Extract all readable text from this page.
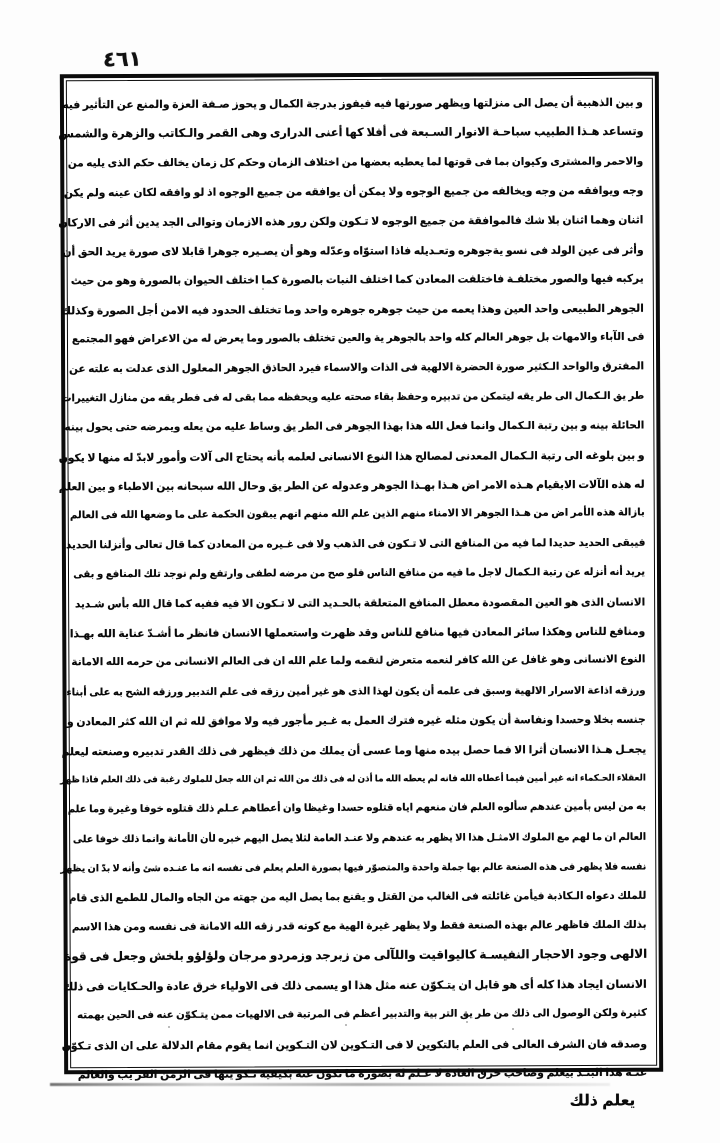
٤٦١
و بين الذهبية أن يصل الى منزلتها ويظهر صورتها فيه فيفوز بدرجة الكمال و يحوز صـفة العزة والمنع عن التأثير فيه
وتساعد هـذا الطبيب سباحـة الانوار السـبعة فى أفلا كها أعنى الدرارى وهى القمر والـكاتب والزهرة والشمس
والاحمر والمشترى وكيوان بما فى قوتها لما يعطيه بعضها من اختلاف الزمان وحكم كل زمان يخالف حكم الذى يليه من
وجه ويوافقه من وجه ويخالفه من جميع الوجوه ولا يمكن أن يوافقه من جميع الوجوه اذ لو وافقه لكان عينه ولم يكن
اثنان وهما اثنان بلا شك فالموافقة من جميع الوجوه لا تـكون ولكن رور هذه الازمان وتوالى الجد يدين أثر فى الاركان
وأثر فى عين الولد فى نسو يةجوهره وتعـديله فاذا استوّاه وعدّله وهو أن يصـيره جوهرا قابلا لاى صورة يريد الحق أن
يركبه فيها والصور مختلفـة فاختلفت المعادن كما اختلف النبات بالصورة كما اختلف الحيوان بالصورة وهو من حيث
الجوهر الطبيعى واحد العين وهذا يعمه من حيث جوهره جوهره واحد وما تختلف الحدود فيه الامن أجل الصورة وكذلك
فى الآباء والامهات بل جوهر العالم كله واحد بالجوهر ية والعين تختلف بالصور وما يعرض له من الاعراض فهو المجتمع
المفترق والواحد الـكثير صورة الحضرة الالهية فى الذات والاسماء فيرد الحاذق الجوهر المعلول الذى عدلت به علته عن
طر يق الـكمال الى طر يقه ليتمكن من تدبيره وحفظ بقاء صحته عليه ويحفظه مما بقى له فى فطر يقه من منازل التغييرات
الحائلة بينه و بين رتبة الـكمال وانما فعل الله هذا بهذا الجوهر فى الطر يق وساط عليه من يعله ويمرضه حتى يحول بينه
و بين بلوغه الى رتبة الـكمال المعدنى لمصالح هذا النوع الانسانى لعلمه بأنه يحتاج الى آلات وأمور لابدّ له منها لا يكون
له هذه الآلات الابقيام هـذه الامر اض هـذا بهـذا الجوهر وعدوله عن الطر يق وحال الله سبحانه بين الاطباء و بين العلم
بازالة هذه الأمر اض من هـذا الجوهر الا الامناء منهم الذين علم الله منهم انهم يبقون الحكمة على ما وضعها الله فى العالم
فيبقى الحديد حديدا لما فيه من المنافع التى لا تـكون فى الذهب ولا فى غـيره من المعادن كما قال تعالى وأنزلنا الحديد
يريد أنه أنزله عن رتبة الـكمال لاجل ما فيه من منافع الناس فلو صح من مرضه لطفى وارتفع ولم نوجد تلك المنافع و بقى
الانسان الذى هو العين المقصودة معطل المنافع المتعلقة بالحـديد التى لا تـكون الا فيه ففيه كما قال الله بأس شـديد
ومنافع للناس وهكذا سائر المعادن فيها منافع للناس وقد ظهرت واستعملها الانسان فانظر ما أشـدّ عناية الله بهـذا
النوع الانسانى وهو غافل عن الله كافر لنعمه متعرض لنقمه ولما علم الله ان فى العالم الانسانى من حرمه الله الامانة
ورزقه اذاعة الاسرار الالهية وسبق فى علمه أن يكون لهذا الذى هو غير أمين رزقه فى علم التدبير ورزقه الشح به على أبناء
جنسه بخلا وحسدا ونفاسة أن يكون مثله غيره فترك العمل به غـير مأجور فيه ولا موافق لله ثم ان الله كثر المعادن و
يجعـل هـذا الانسان أثرا الا فما حصل بيده منها وما عسى أن يملك من ذلك فيظهر فى ذلك القدر تدبيره وصنعته ليعلم
العقلاء الحـكماء انه غير أمين فيما أعطاه الله فانه لم يعطه الله ما أذن له فى ذلك من الله ثم ان الله جعل للملوك رغبة فى ذلك العلم فاذا ظهر
به من ليس بأمين عندهم سألوه العلم فان منعهم اياه قتلوه حسدا وغيظا وان أعطاهم عـلم ذلك قتلوه خوفا وغيرة وما علم
العالم ان ما لهم مع الملوك الامثـل هذا الا يظهر به عندهم ولا عنـد العامة لثلا يصل اليهم خبره لأن الأمانة وانما ذلك خوفا على
نفسه فلا يظهر فى هذه الصنعة عالم بها جملة واحدة والمتصوّر فيها بصورة العلم يعلم فى نفسه انه ما عنـده شئ وأنه لا بدّ ان يظهر
للملك دعواه الـكاذبة فيأمن غائلته فى الغالب من القتل و يقنع بما يصل اليه من جهته من الجاه والمال للطمع الذى قام
بذلك الملك فاظهر عالم بهذه الصنعة فقط ولا يظهر غيرة الهية مع كونه قدر زقه الله الامانة فى نفسه ومن هذا الاسم
الالهى وجود الاحجار النفيسـة كاليواقيت واللآلى من زبرجد وزمردو مرجان ولؤلؤو بلخش وجعل فى قوة
الانسان ايجاد هذا كله أى هو قابل ان يتـكوّن عنه مثل هذا او يسمى ذلك فى الاولياء خرق عادة والحـكايات فى ذلك
كثيرة ولكن الوصول الى ذلك من طر يق التر بية والتدبير أعظم فى المرتبة فى الالهيات ممن يتـكوّن عنه فى الحين بهمته
وصدقه فان الشرف العالى فى العلم بالتكوين لا فى التـكوين لان التـكوين انما يقوم مقام الدلالة على ان الذى تـكوّن
عنـه هذا البنـد بيعلم وصاحب خرق العادة لا عـلم له بصورة ما تكوّن عنه بكيفية تـكو ينها فى الزمن القر يب والعالم
يعلم ذلك
